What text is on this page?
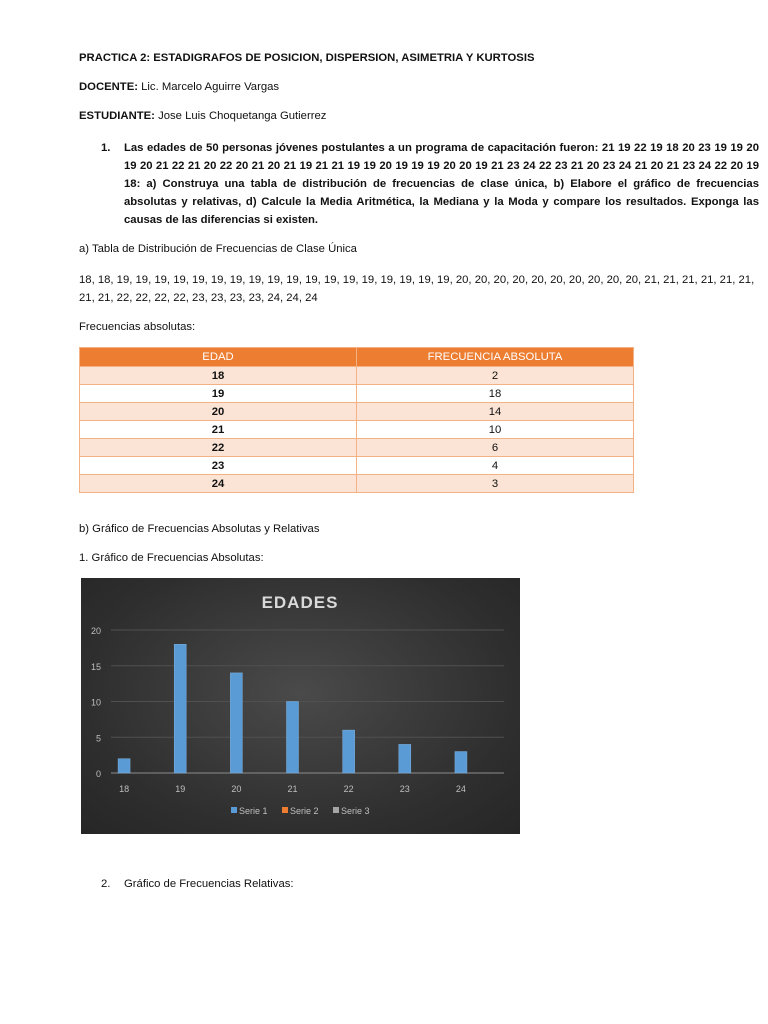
PRACTICA 2: ESTADIGRAFOS DE POSICION, DISPERSION, ASIMETRIA Y KURTOSIS
DOCENTE: Lic. Marcelo Aguirre Vargas
ESTUDIANTE: Jose Luis Choquetanga Gutierrez
1. Las edades de 50 personas jóvenes postulantes a un programa de capacitación fueron: 21 19 22 19 18 20 23 19 19 20 19 20 21 22 21 20 22 20 21 20 21 19 21 21 19 19 20 19 19 19 20 20 19 21 23 24 22 23 21 20 23 24 21 20 21 23 24 22 20 19 18: a) Construya una tabla de distribución de frecuencias de clase única, b) Elabore el gráfico de frecuencias absolutas y relativas, d) Calcule la Media Aritmética, la Mediana y la Moda y compare los resultados. Exponga las causas de las diferencias si existen.
a) Tabla de Distribución de Frecuencias de Clase Única
18, 18, 19, 19, 19, 19, 19, 19, 19, 19, 19, 19, 19, 19, 19, 19, 19, 19, 19, 19, 20, 20, 20, 20, 20, 20, 20, 20, 20, 20, 21, 21, 21, 21, 21, 21, 21, 21, 22, 22, 22, 22, 23, 23, 23, 23, 24, 24, 24
Frecuencias absolutas:
EDAD	FRECUENCIA ABSOLUTA
18	2
19	18
20	14
21	10
22	6
23	4
24	3
b) Gráfico de Frecuencias Absolutas y Relativas
1. Gráfico de Frecuencias Absolutas:
EDADES
0
5
10
15
20
18	19	20	21	22	23	24
Serie 1 Serie 2 Serie 3
2. Gráfico de Frecuencias Relativas:
